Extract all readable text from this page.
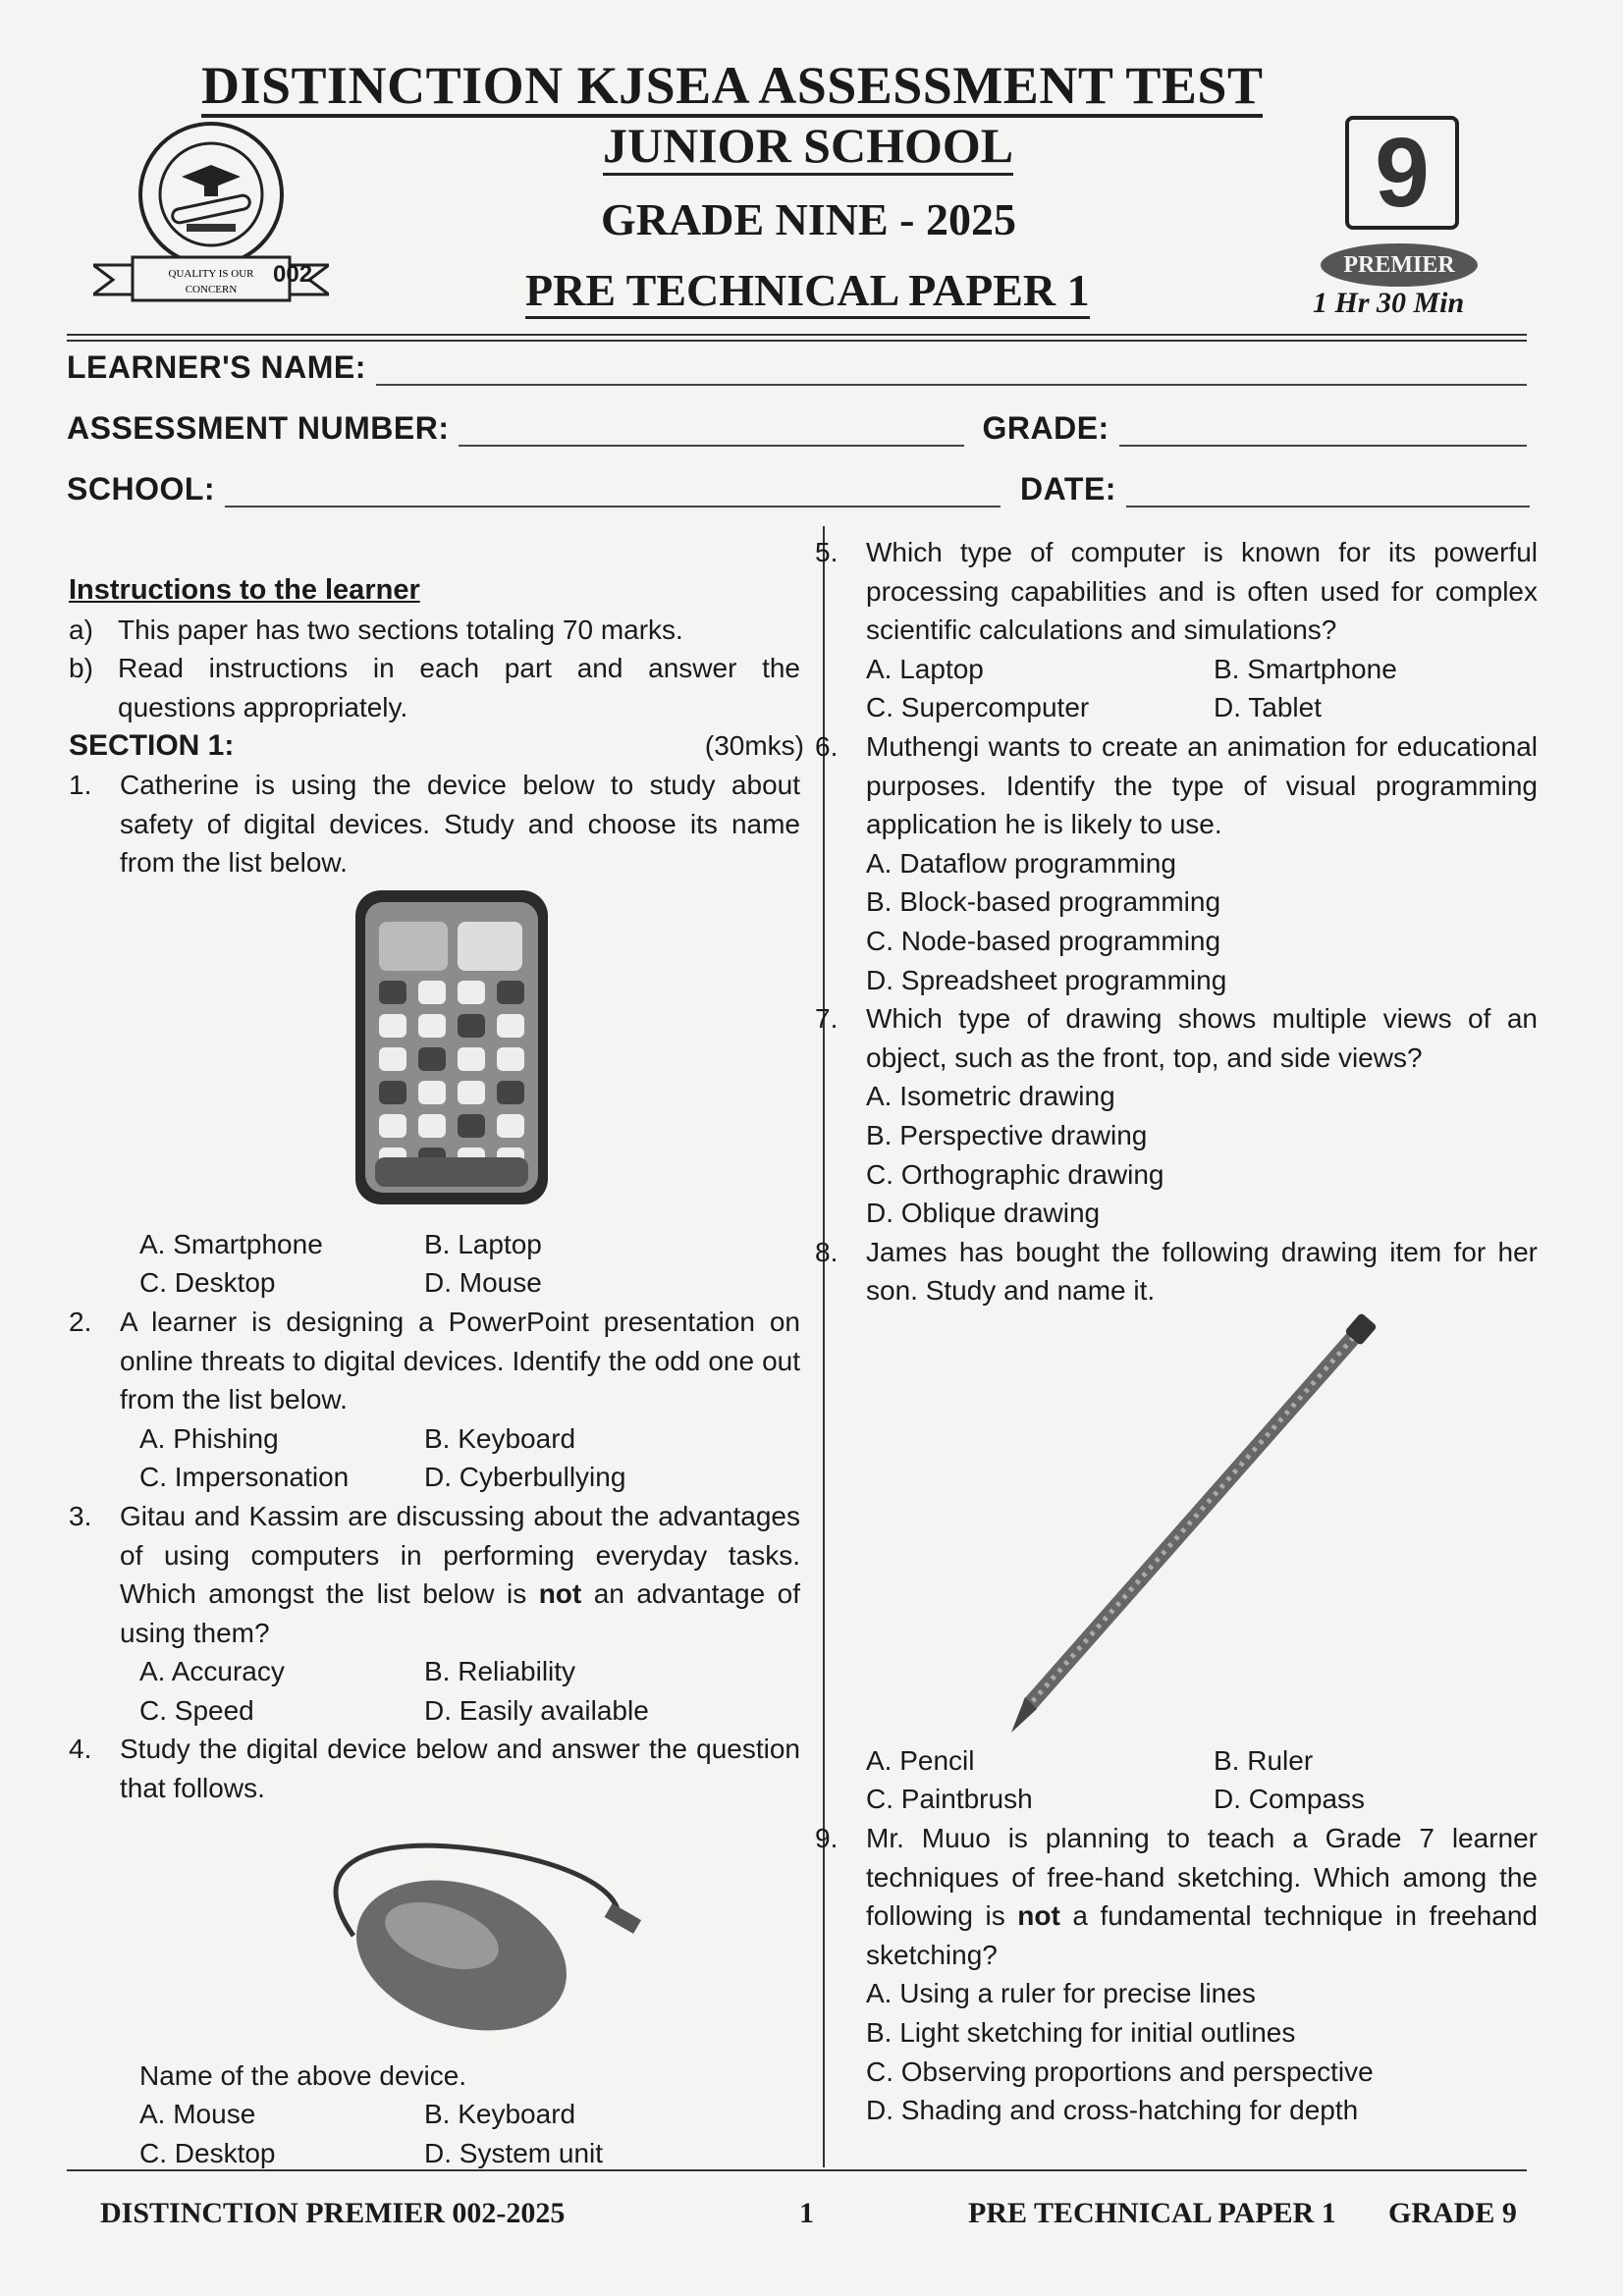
DISTINCTION KJSEA ASSESSMENT TEST
JUNIOR SCHOOL
GRADE NINE - 2025
PRE TECHNICAL PAPER 1
QUALITY IS OUR
CONCERN
002
9
PREMIER
1 Hr 30 Min
LEARNER'S NAME:
ASSESSMENT NUMBER:	GRADE:
SCHOOL:	DATE:
Instructions to the learner
a) This paper has two sections totaling 70 marks.
b) Read instructions in each part and answer the questions appropriately.
SECTION 1:	(30mks)
1.	Catherine is using the device below to study about safety of digital devices. Study and choose its name from the list below.
A. Smartphone	B. Laptop
C. Desktop	D. Mouse
2.	A learner is designing a PowerPoint presentation on online threats to digital devices. Identify the odd one out from the list below.
A. Phishing	B. Keyboard
C. Impersonation	D. Cyberbullying
3.	Gitau and Kassim are discussing about the advantages of using computers in performing everyday tasks. Which amongst the list below is not an advantage of using them?
A. Accuracy	B. Reliability
C. Speed	D. Easily available
4.	Study the digital device below and answer the question that follows.
Name of the above device.
A. Mouse	B. Keyboard
C. Desktop	D. System unit
5.	Which type of computer is known for its powerful processing capabilities and is often used for complex scientific calculations and simulations?
A. Laptop	B. Smartphone
C. Supercomputer	D. Tablet
6.	Muthengi wants to create an animation for educational purposes. Identify the type of visual programming application he is likely to use.
A. Dataflow programming
B. Block-based programming
C. Node-based programming
D. Spreadsheet programming
7.	Which type of drawing shows multiple views of an object, such as the front, top, and side views?
A. Isometric drawing
B. Perspective drawing
C. Orthographic drawing
D. Oblique drawing
8.	James has bought the following drawing item for her son. Study and name it.
A. Pencil	B. Ruler
C. Paintbrush	D. Compass
9.	Mr. Muuo is planning to teach a Grade 7 learner techniques of free-hand sketching. Which among the following is not a fundamental technique in freehand sketching?
A. Using a ruler for precise lines
B. Light sketching for initial outlines
C. Observing proportions and perspective
D. Shading and cross-hatching for depth
DISTINCTION PREMIER 002-2025	1	PRE TECHNICAL PAPER 1 GRADE 9
